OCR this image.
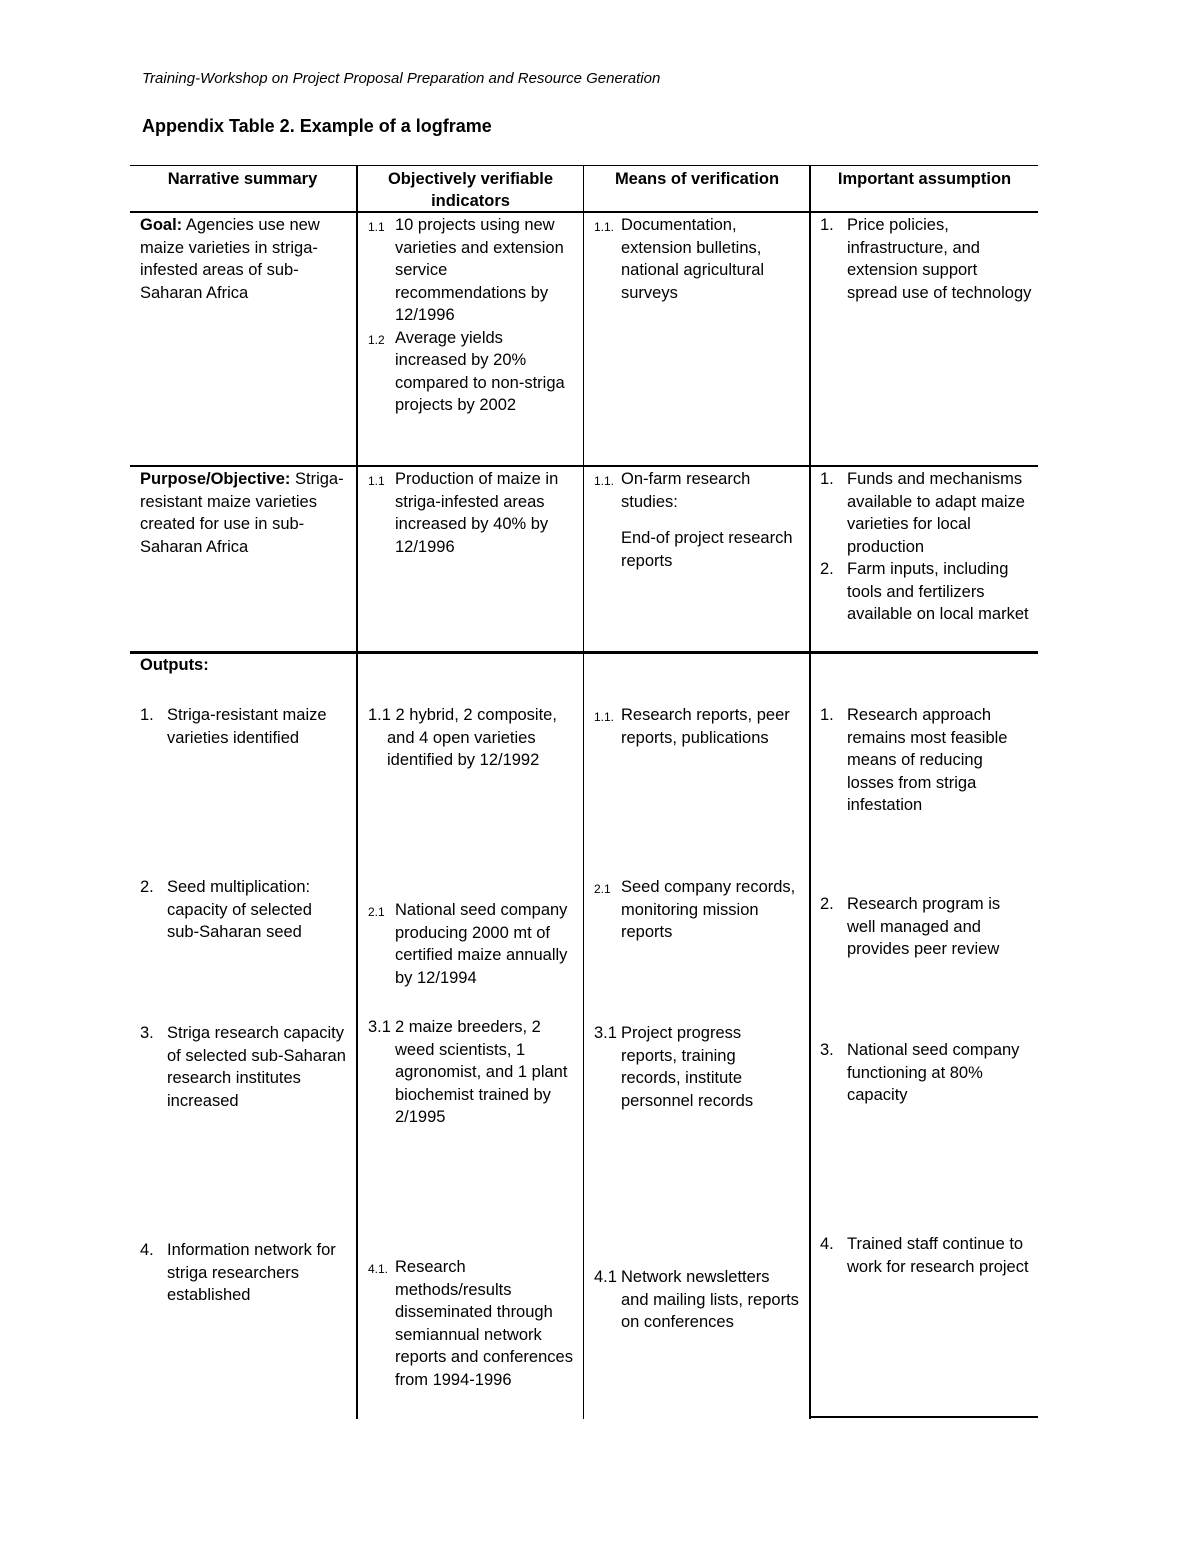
Training-Workshop on Project Proposal Preparation and Resource Generation
Appendix Table 2. Example of a logframe
Narrative summary	Objectively verifiable
indicators
Means of verification	Important assumption
Goal: Agencies use new maize varieties in striga-infested areas of sub-Saharan Africa
1.1 10 projects using new varieties and extension service recommendations by 12/1996
1.2 Average yields increased by 20% compared to non-striga projects by 2002
1.1. Documentation, extension bulletins, national agricultural surveys
1. Price policies, infrastructure, and extension support spread use of technology
Purpose/Objective: Striga-resistant maize varieties created for use in sub-Saharan Africa
1.1 Production of maize in striga-infested areas increased by 40% by 12/1996
1.1. On-farm research studies:
End-of project research reports
1. Funds and mechanisms available to adapt maize varieties for local production
2. Farm inputs, including tools and fertilizers available on local market
Outputs:
1. Striga-resistant maize varieties identified
1.1 2 hybrid, 2 composite, and 4 open varieties identified by 12/1992
1.1. Research reports, peer reports, publications
1. Research approach remains most feasible means of reducing losses from striga infestation
2. Seed multiplication: capacity of selected sub-Saharan seed
2.1 National seed company producing 2000 mt of certified maize annually by 12/1994
2.1 Seed company records, monitoring mission reports
2. Research program is well managed and provides peer review
3. Striga research capacity of selected sub-Saharan research institutes increased
3.1 2 maize breeders, 2 weed scientists, 1 agronomist, and 1 plant biochemist trained by 2/1995
3.1 Project progress reports, training records, institute personnel records
3. National seed company functioning at 80% capacity
4. Information network for striga researchers established
4.1. Research methods/results disseminated through semiannual network reports and conferences from 1994-1996
4.1 Network newsletters and mailing lists, reports on conferences
4. Trained staff continue to work for research project
